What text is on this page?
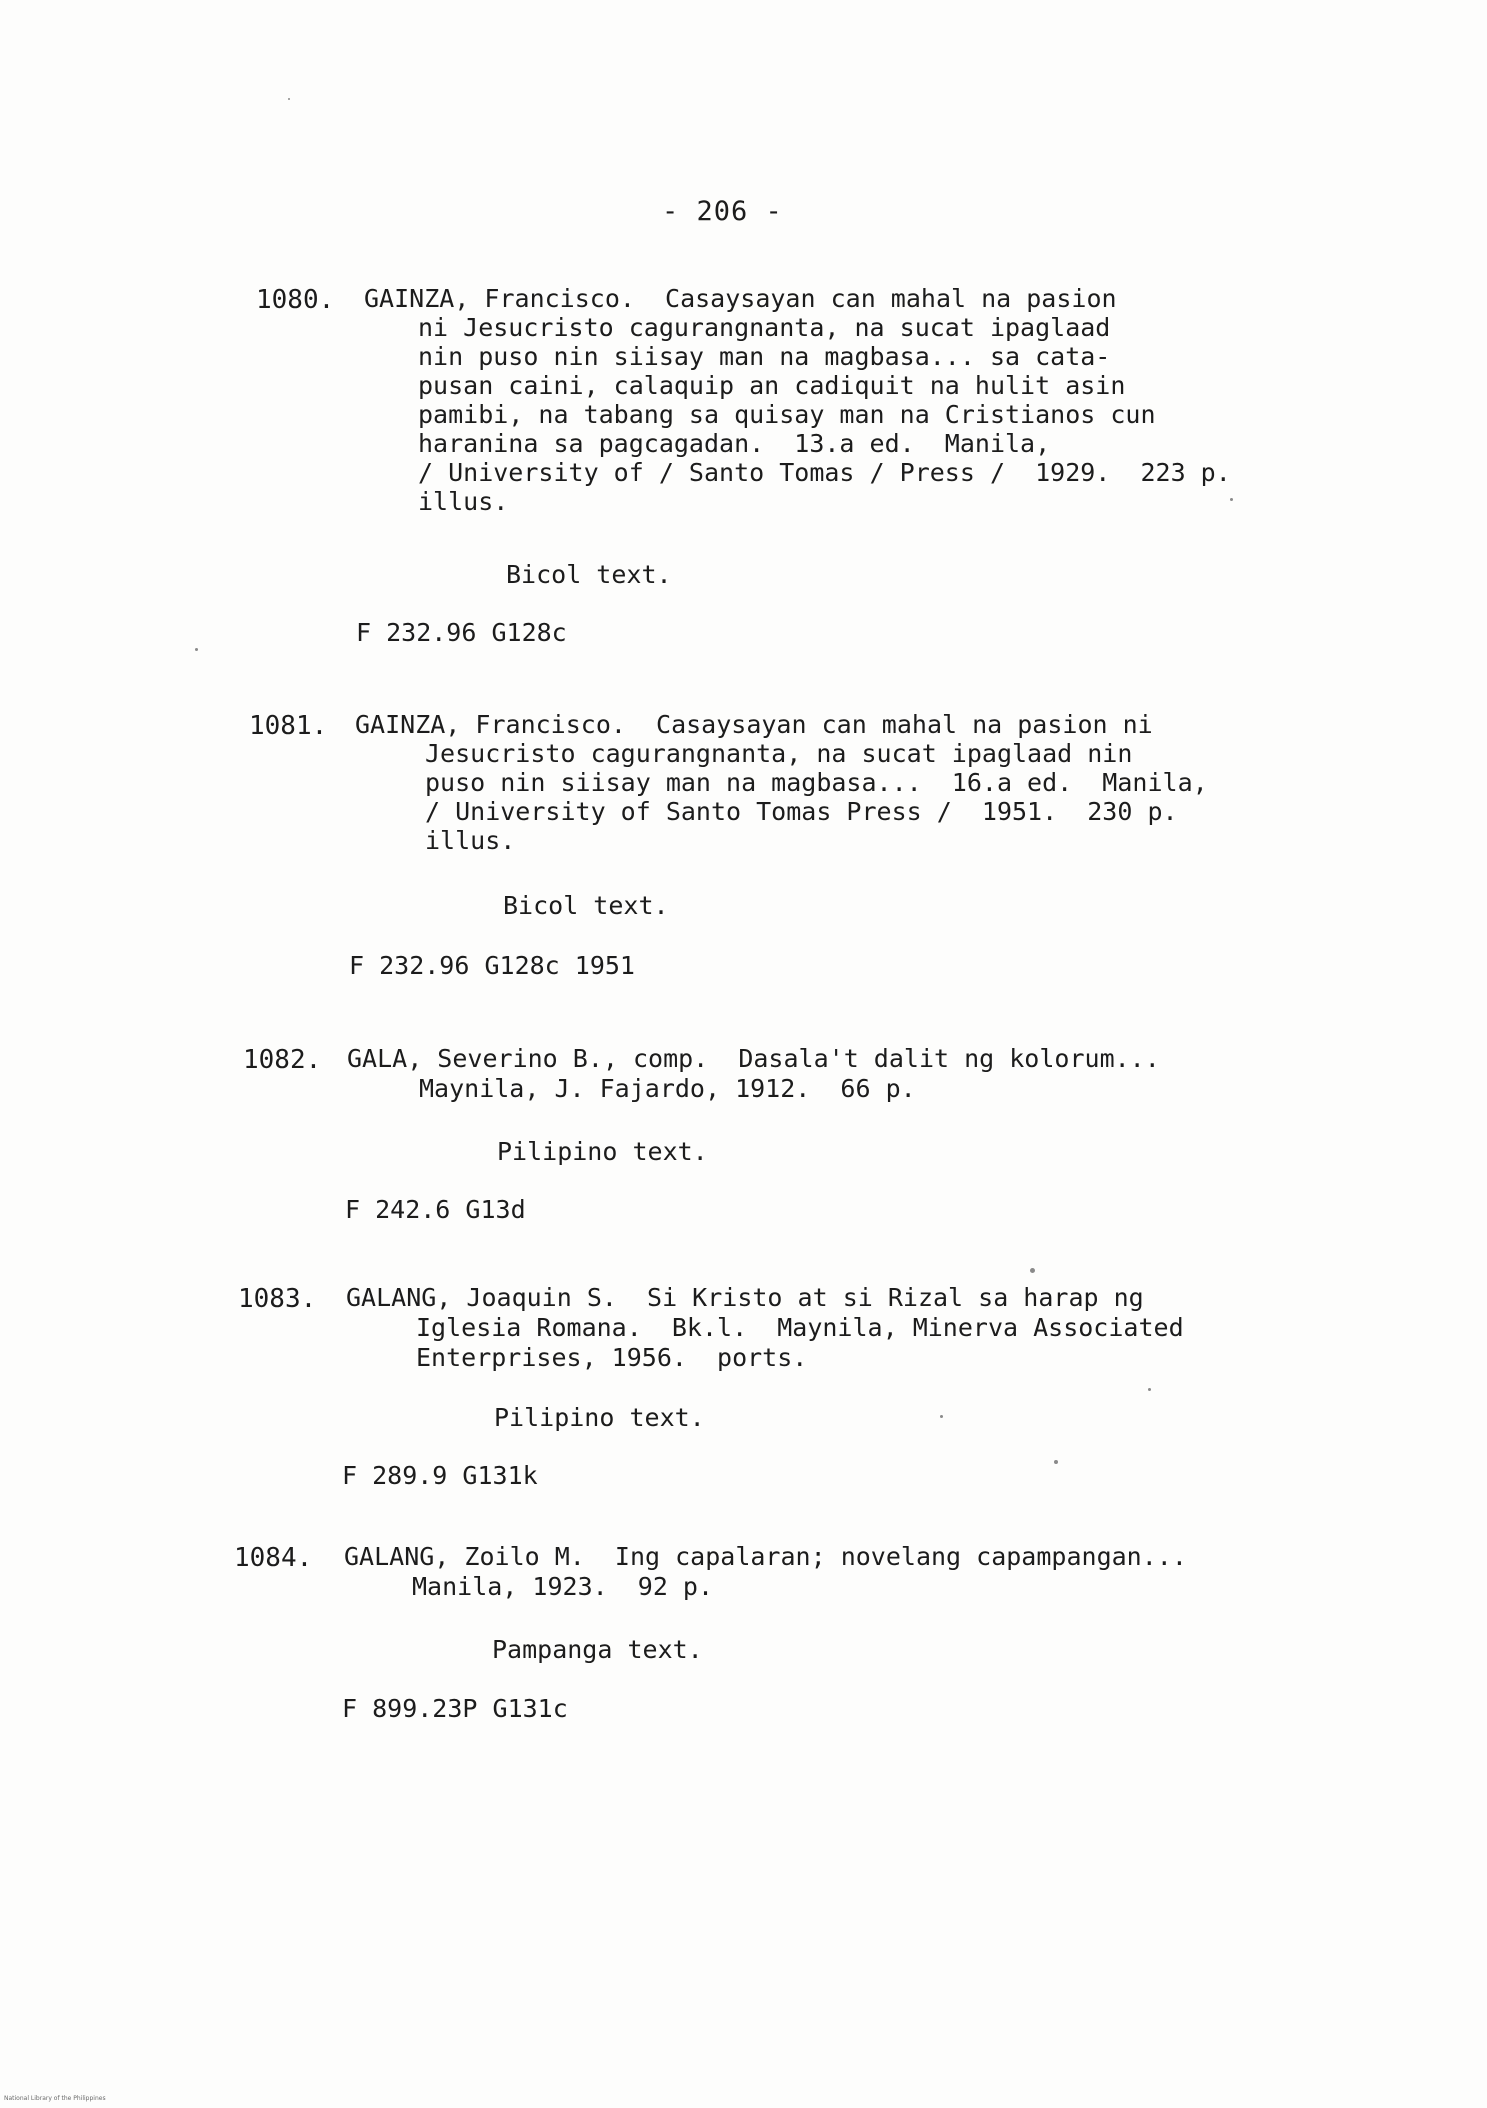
- 206 -
1080. GAINZA, Francisco.  Casaysayan can mahal na pasion
ni Jesucristo cagurangnanta, na sucat ipaglaad
nin puso nin siisay man na magbasa... sa cata-
pusan caini, calaquip an cadiquit na hulit asin
pamibi, na tabang sa quisay man na Cristianos cun
haranina sa pagcagadan.  13.a ed.  Manila,
/ University of / Santo Tomas / Press /  1929.  223 p.
illus.
Bicol text.
F 232.96 G128c
1081. GAINZA, Francisco.  Casaysayan can mahal na pasion ni
Jesucristo cagurangnanta, na sucat ipaglaad nin
puso nin siisay man na magbasa...  16.a ed.  Manila,
/ University of Santo Tomas Press /  1951.  230 p.
illus.
Bicol text.
F 232.96 G128c 1951
1082. GALA, Severino B., comp.  Dasala't dalit ng kolorum...
Maynila, J. Fajardo, 1912.  66 p.
Pilipino text.
F 242.6 G13d
1083. GALANG, Joaquin S.  Si Kristo at si Rizal sa harap ng
Iglesia Romana.  Bk.l.  Maynila, Minerva Associated
Enterprises, 1956.  ports.
Pilipino text.
F 289.9 G131k
1084. GALANG, Zoilo M.  Ing capalaran; novelang capampangan...
Manila, 1923.  92 p.
Pampanga text.
F 899.23P G131c
National Library of the Philippines
